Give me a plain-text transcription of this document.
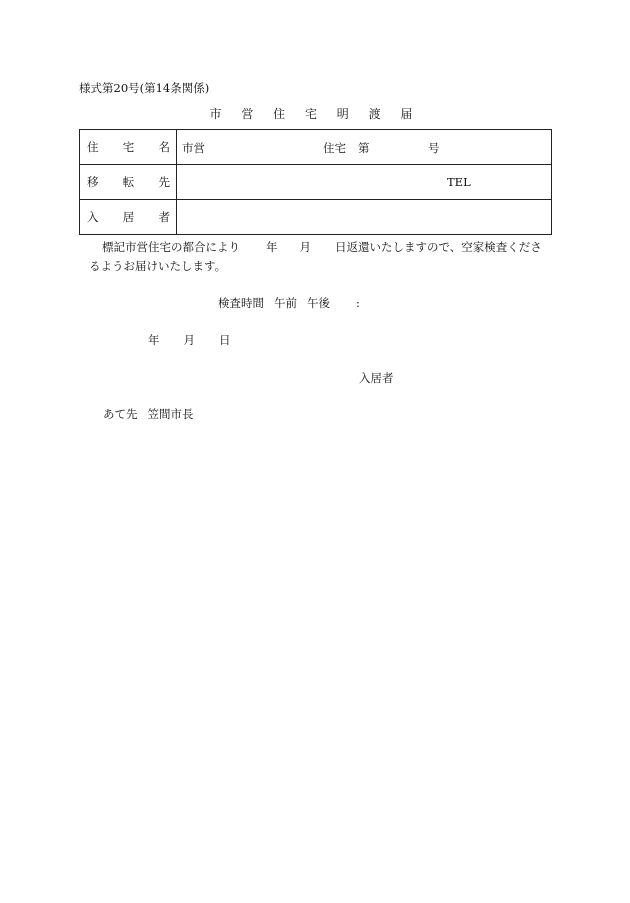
様式第20号(第14条関係)
市 営 住 宅 明 渡 届
住 宅 名	市営 住宅 第 号

移 転 先	TEL

入 居 者	

標記市営住宅の都合により 年 月 日返還いたしますので、空家検査くださ
るようお届けいたします。
検査時間 午前 午後 :
年 月 日
入居者
あて先 笠間市長
